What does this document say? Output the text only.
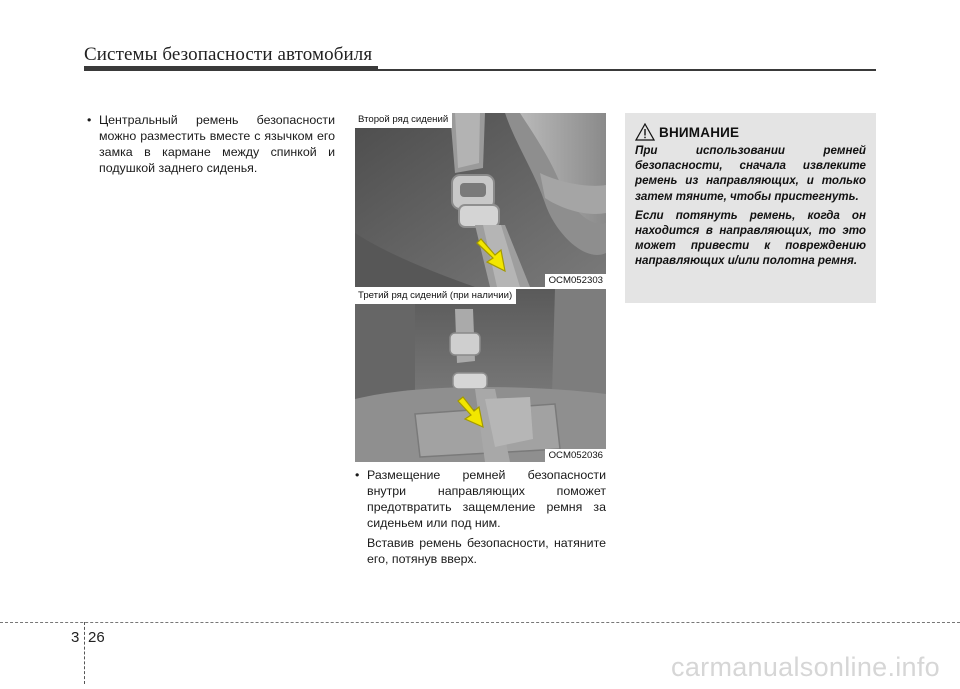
Системы безопасности автомобиля
• Центральный ремень безопасности можно разместить вместе с язычком его замка в кармане между спинкой и подушкой заднего сиденья.

Второй ряд сидений
OCM052303
Третий ряд сидений (при наличии)
OCM052036
• Размещение ремней безопасности внутри направляющих поможет предотвратить защемление ремня за сиденьем или под ним.

Вставив ремень безопасности, натяните его, потянув вверх.

ВНИМАНИЕ

При использовании ремней безопасности, сначала извлеките ремень из направляющих, и только затем тяните, чтобы пристегнуть.

Если потянуть ремень, когда он находится в направляющих, то это может привести к повреждению направляющих и/или полотна ремня.

3 26
carmanualsonline.info
